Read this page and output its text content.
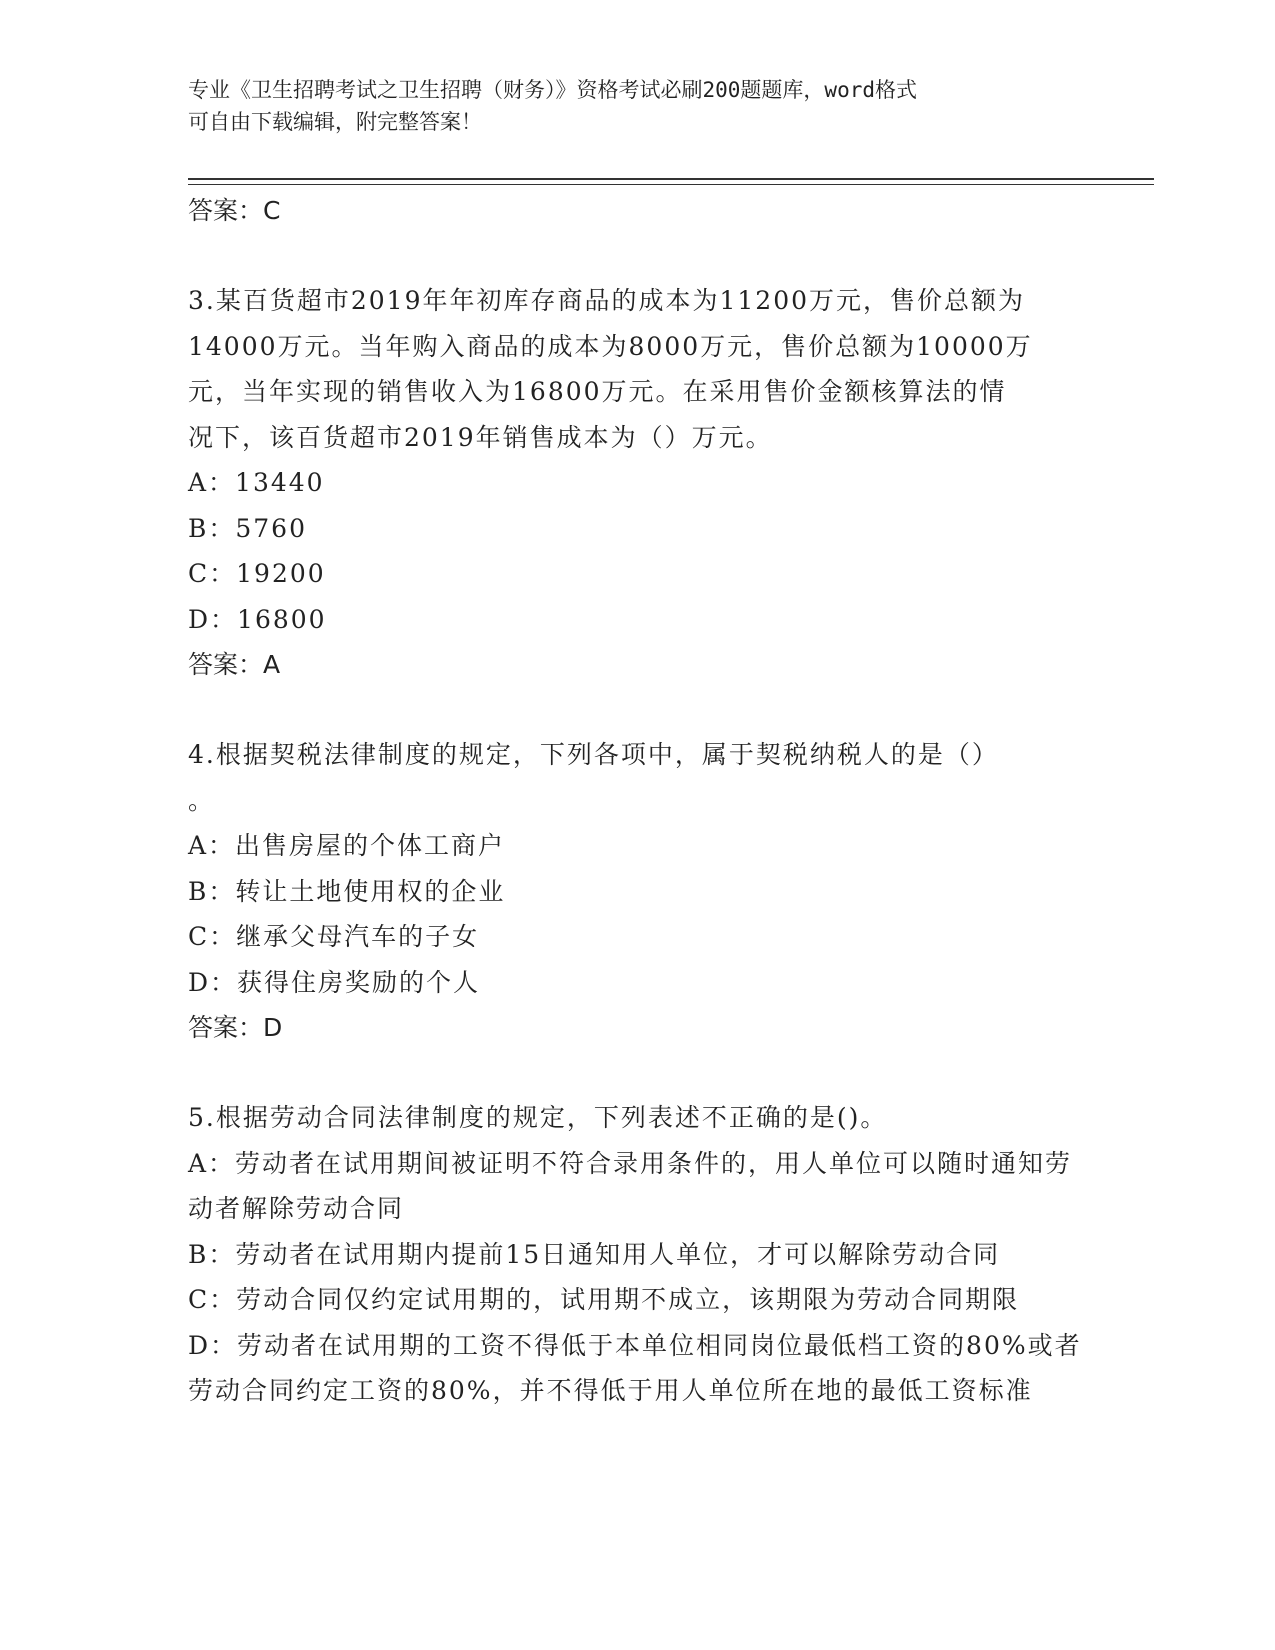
专业《卫生招聘考试之卫生招聘（财务）》资格考试必刷200题题库，word格式
可自由下载编辑，附完整答案！
答案：C
3.某百货超市2019年年初库存商品的成本为11200万元，售价总额为
14000万元。当年购入商品的成本为8000万元，售价总额为10000万
元，当年实现的销售收入为16800万元。在采用售价金额核算法的情
况下，该百货超市2019年销售成本为（）万元。
A：13440
B：5760
C：19200
D：16800
答案：A
4.根据契税法律制度的规定，下列各项中，属于契税纳税人的是（）
。
A：出售房屋的个体工商户
B：转让土地使用权的企业
C：继承父母汽车的子女
D：获得住房奖励的个人
答案：D
5.根据劳动合同法律制度的规定，下列表述不正确的是()。
A：劳动者在试用期间被证明不符合录用条件的，用人单位可以随时通知劳动者解除劳动合同
B：劳动者在试用期内提前15日通知用人单位，才可以解除劳动合同
C：劳动合同仅约定试用期的，试用期不成立，该期限为劳动合同期限
D：劳动者在试用期的工资不得低于本单位相同岗位最低档工资的80%或者劳动合同约定工资的80%，并不得低于用人单位所在地的最低工资标准
